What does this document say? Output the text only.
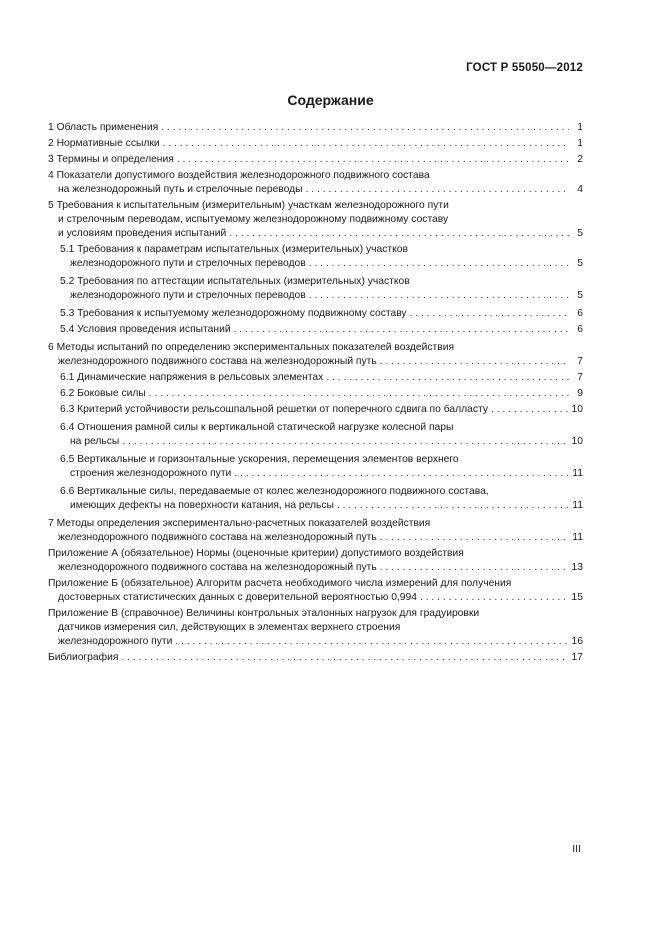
ГОСТ Р 55050—2012
Содержание
1 Область применения . . .	1
2 Нормативные ссылки . . .	1
3 Термины и определения . . .	2
4 Показатели допустимого воздействия железнодорожного подвижного состава
на железнодорожный путь и стрелочные переводы . . .	4
5 Требования к испытательным (измерительным) участкам железнодорожного пути
и стрелочным переводам, испытуемому железнодорожному подвижному составу
и условиям проведения испытаний . . .	5
5.1 Требования к параметрам испытательных (измерительных) участков
железнодорожного пути и стрелочных переводов . . .	5
5.2 Требования по аттестации испытательных (измерительных) участков
железнодорожного пути и стрелочных переводов . . .	5
5.3 Требования к испытуемому железнодорожному подвижному составу . . .	6
5.4 Условия проведения испытаний . . .	6
6 Методы испытаний по определению экспериментальных показателей воздействия
железнодорожного подвижного состава на железнодорожный путь . . .	7
6.1 Динамические напряжения в рельсовых элементах . . .	7
6.2 Боковые силы . . .	9
6.3 Критерий устойчивости рельсошпальной решетки от поперечного сдвига по балласту . . .	10
6.4 Отношения рамной силы к вертикальной статической нагрузке колесной пары
на рельсы . . .	10
6.5 Вертикальные и горизонтальные ускорения, перемещения элементов верхнего
строения железнодорожного пути . . .	11
6.6 Вертикальные силы, передаваемые от колес железнодорожного подвижного состава,
имеющих дефекты на поверхности катания, на рельсы . . .	11
7 Методы определения экспериментально-расчетных показателей воздействия
железнодорожного подвижного состава на железнодорожный путь . . .	11
Приложение А (обязательное) Нормы (оценочные критерии) допустимого воздействия
железнодорожного подвижного состава на железнодорожный путь . . .	13
Приложение Б (обязательное) Алгоритм расчета необходимого числа измерений для получения
достоверных статистических данных с доверительной вероятностью 0,994 . . .	15
Приложение В (справочное) Величины контрольных эталонных нагрузок для градуировки
датчиков измерения сил, действующих в элементах верхнего строения
железнодорожного пути . . .	16
Библиография . . .	17
III
